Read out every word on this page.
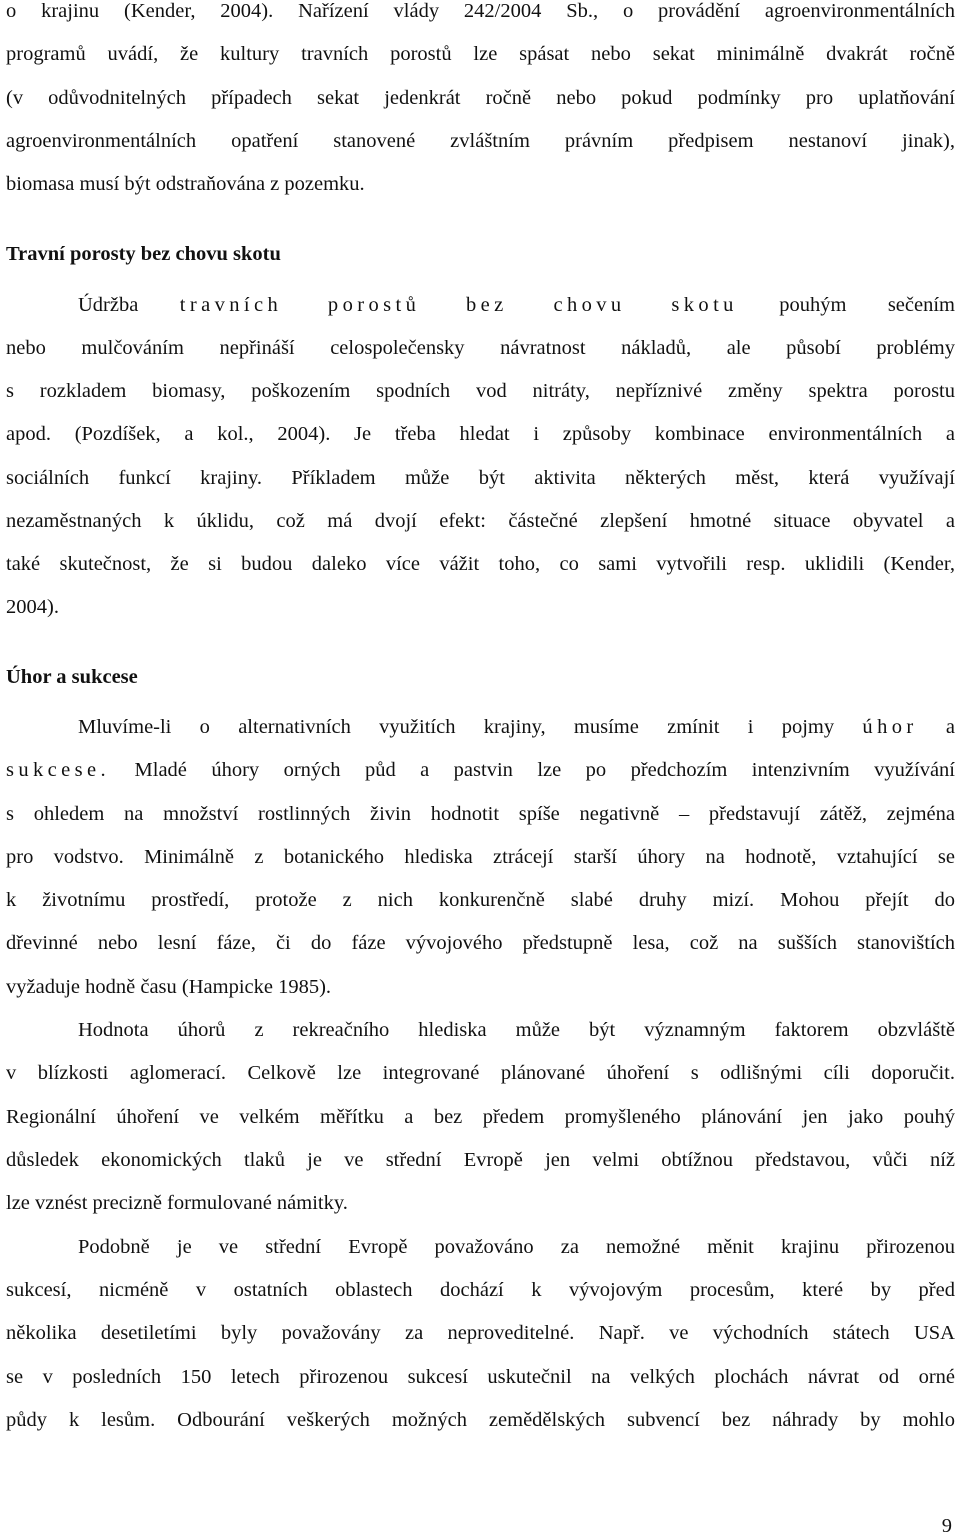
o krajinu (Kender, 2004). Nařízení vlády 242/2004 Sb., o provádění agroenvironmentálních
programů uvádí, že kultury travních porostů lze spásat nebo sekat minimálně dvakrát ročně
(v odůvodnitelných případech sekat jedenkrát ročně nebo pokud podmínky pro uplatňování
agroenvironmentálních opatření stanovené zvláštním právním předpisem nestanoví jinak),
biomasa musí být odstraňována z pozemku.
Travní porosty bez chovu skotu
Údržba travních porostů bez chovu skotu pouhým sečením
nebo mulčováním nepřináší celospolečensky návratnost nákladů, ale působí problémy
s rozkladem biomasy, poškozením spodních vod nitráty, nepříznivé změny spektra porostu
apod. (Pozdíšek, a kol., 2004). Je třeba hledat i způsoby kombinace environmentálních a
sociálních funkcí krajiny. Příkladem může být aktivita některých měst, která využívají
nezaměstnaných k úklidu, což má dvojí efekt: částečné zlepšení hmotné situace obyvatel a
také skutečnost, že si budou daleko více vážit toho, co sami vytvořili resp. uklidili (Kender,
2004).
Úhor a sukcese
Mluvíme-li o alternativních využitích krajiny, musíme zmínit i pojmy úhor a
sukcese. Mladé úhory orných půd a pastvin lze po předchozím intenzivním využívání
s ohledem na množství rostlinných živin hodnotit spíše negativně – představují zátěž, zejména
pro vodstvo. Minimálně z botanického hlediska ztrácejí starší úhory na hodnotě, vztahující se
k životnímu prostředí, protože z nich konkurenčně slabé druhy mizí. Mohou přejít do
dřevinné nebo lesní fáze, či do fáze vývojového předstupně lesa, což na sušších stanovištích
vyžaduje hodně času (Hampicke 1985).
Hodnota úhorů z rekreačního hlediska může být významným faktorem obzvláště
v blízkosti aglomerací. Celkově lze integrované plánované úhoření s odlišnými cíli doporučit.
Regionální úhoření ve velkém měřítku a bez předem promyšleného plánování jen jako pouhý
důsledek ekonomických tlaků je ve střední Evropě jen velmi obtížnou představou, vůči níž
lze vznést precizně formulované námitky.
Podobně je ve střední Evropě považováno za nemožné měnit krajinu přirozenou
sukcesí, nicméně v ostatních oblastech dochází k vývojovým procesům, které by před
několika desetiletími byly považovány za neproveditelné. Např. ve východních státech USA
se v posledních 150 letech přirozenou sukcesí uskutečnil na velkých plochách návrat od orné
půdy k lesům. Odbourání veškerých možných zemědělských subvencí bez náhrady by mohlo
9
